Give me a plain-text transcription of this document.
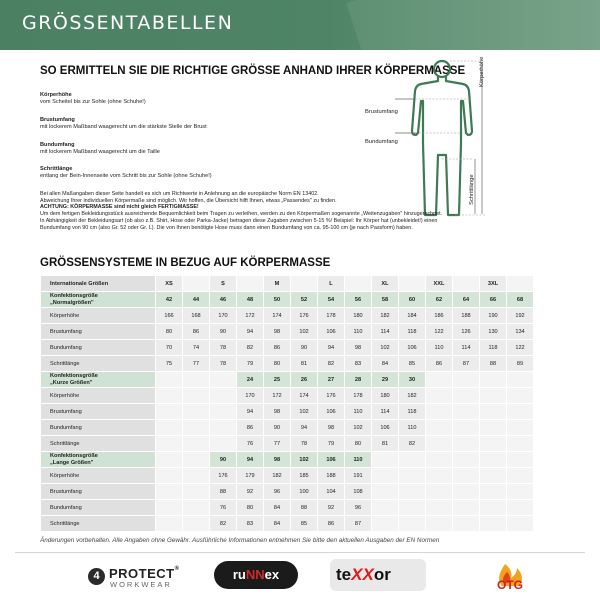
GRÖSSENTABELLEN
SO ERMITTELN SIE DIE RICHTIGE GRÖSSE ANHAND IHRER KÖRPERMASSE
Körperhöhe
vom Scheitel bis zur Sohle (ohne Schuhe!)
Brustumfang
mit lockerem Maßband waagerecht um die stärkste Stelle der Brust
Bundumfang
mit lockerem Maßband waagerecht um die Taille
Schrittlänge
entlang der Bein-Innenseite vom Schritt bis zur Sohle (ohne Schuhe!)
Körperhöhe
Brustumfang
Bundumfang
Schrittlänge
Bei allen Maßangaben dieser Seite handelt es sich um Richtwerte in Anlehnung an die europäische Norm EN 13402.
Abweichung Ihrer individuellen Körpermaße sind möglich. Wir hoffen, die Übersicht hilft Ihnen, etwas „Passendes" zu finden.
ACHTUNG: KÖRPERMASSE sind nicht gleich FERTIGMASSE!
Um dem fertigen Bekleidungsstück ausreichende Bequemlichkeit beim Tragen zu verleihen, werden zu den Körpermaßen sogenannte „Weitenzugaben" hinzugerechnet.
In Abhängigkeit der Bekleidungsart (ob also z.B. Shirt, Hose oder Parka-Jacke) betragen diese Zugaben zwischen 5-15 %! Beispiel: Ihr Körper hat (unbekleidet!) einen
Bundumfang von 90 cm (also Gr. 52 oder Gr. L). Die von Ihnen benötigte Hose muss dann einen Bundumfang von ca. 95-100 cm (je nach Passform) haben.
GRÖSSENSYSTEME IN BEZUG AUF KÖRPERMASSE
Internationale Größen	XS		S		M		L		XL		XXL		3XL	

Konfektionsgröße
„Normalgrößen"	42	44	46	48	50	52	54	56	58	60	62	64	66	68
Körperhöhe	166	168	170	172	174	176	178	180	182	184	186	188	190	192
Brustumfang	80	86	90	94	98	102	106	110	114	118	122	126	130	134
Bundumfang	70	74	78	82	86	90	94	98	102	106	110	114	118	122
Schrittlänge	75	77	78	79	80	81	82	83	84	85	86	87	88	89

Konfektionsgröße
„Kurze Größen"				24	25	26	27	28	29	30				
Körperhöhe				170	172	174	176	178	180	182				
Brustumfang				94	98	102	106	110	114	118				
Bundumfang				86	90	94	98	102	106	110				
Schrittlänge				76	77	78	79	80	81	82				

Konfektionsgröße
„Lange Größen"			90	94	98	102	106	110						
Körperhöhe			176	179	182	185	188	191						
Brustumfang			88	92	96	100	104	108						
Bundumfang			76	80	84	88	92	96						
Schrittlänge			82	83	84	85	86	87						
Änderungen vorbehalten. Alle Angaben ohne Gewähr. Ausführliche Informationen entnehmen Sie bitte den aktuellen Ausgaben der EN Normen
4 PROTECT®
WORKWEAR
ruNNex	teXXor
OTG
